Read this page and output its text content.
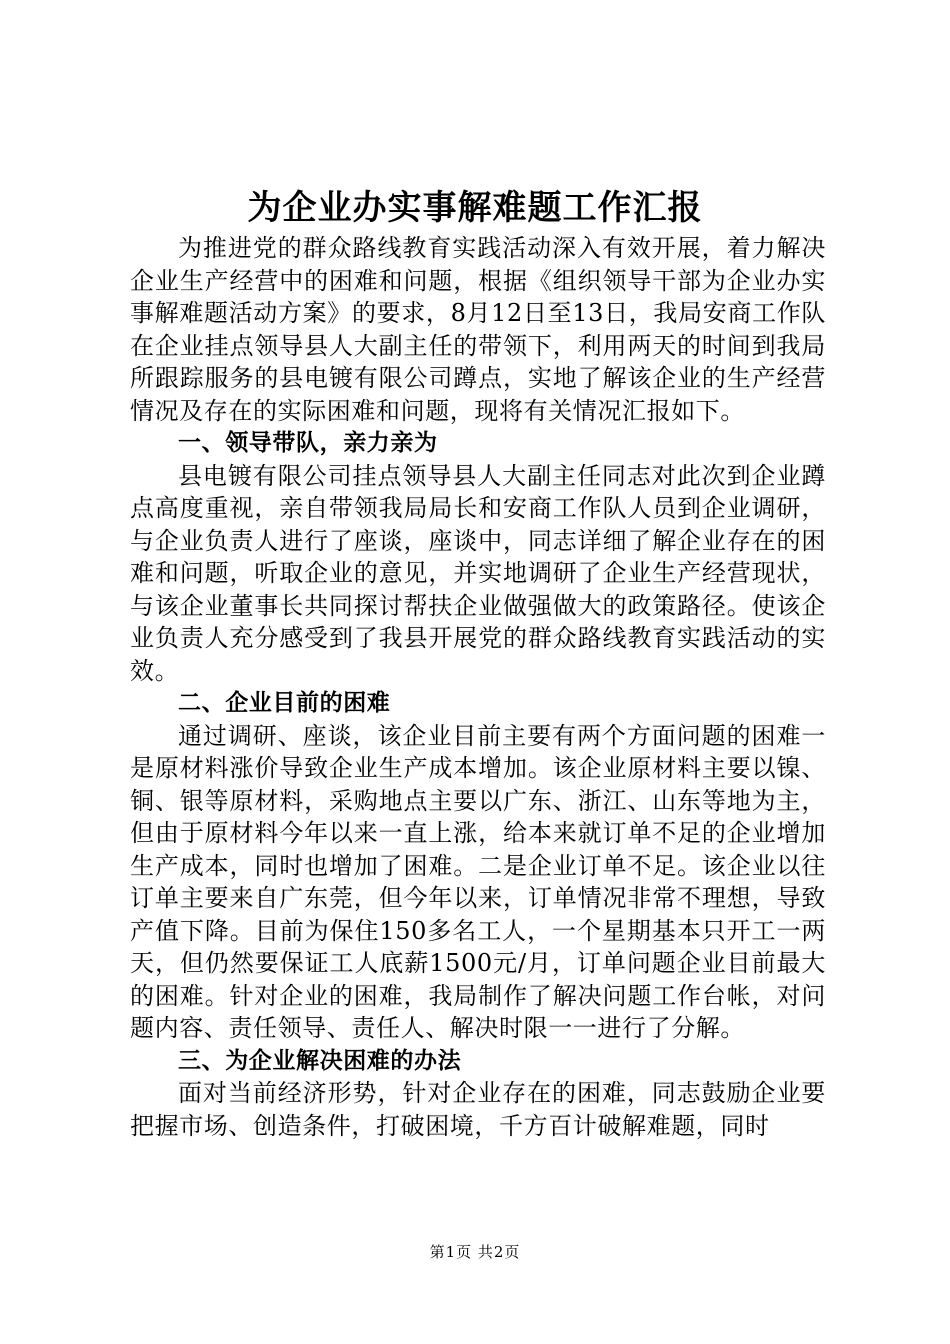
为企业办实事解难题工作汇报

为推进党的群众路线教育实践活动深入有效开展，着力解决企业生产经营中的困难和问题，根据《组织领导干部为企业办实事解难题活动方案》的要求，8月12日至13日，我局安商工作队在企业挂点领导县人大副主任的带领下，利用两天的时间到我局所跟踪服务的县电镀有限公司蹲点，实地了解该企业的生产经营情况及存在的实际困难和问题，现将有关情况汇报如下。

一、领导带队，亲力亲为

县电镀有限公司挂点领导县人大副主任同志对此次到企业蹲点高度重视，亲自带领我局局长和安商工作队人员到企业调研，与企业负责人进行了座谈，座谈中，同志详细了解企业存在的困难和问题，听取企业的意见，并实地调研了企业生产经营现状，与该企业董事长共同探讨帮扶企业做强做大的政策路径。使该企业负责人充分感受到了我县开展党的群众路线教育实践活动的实效。

二、企业目前的困难

通过调研、座谈，该企业目前主要有两个方面问题的困难一是原材料涨价导致企业生产成本增加。该企业原材料主要以镍、铜、银等原材料，采购地点主要以广东、浙江、山东等地为主，但由于原材料今年以来一直上涨，给本来就订单不足的企业增加生产成本，同时也增加了困难。二是企业订单不足。该企业以往订单主要来自广东莞，但今年以来，订单情况非常不理想，导致产值下降。目前为保住150多名工人，一个星期基本只开工一两天，但仍然要保证工人底薪1500元/月，订单问题企业目前最大的困难。针对企业的困难，我局制作了解决问题工作台帐，对问题内容、责任领导、责任人、解决时限一一进行了分解。

三、为企业解决困难的办法

面对当前经济形势，针对企业存在的困难，同志鼓励企业要把握市场、创造条件，打破困境，千方百计破解难题，同时

第1页 共2页
